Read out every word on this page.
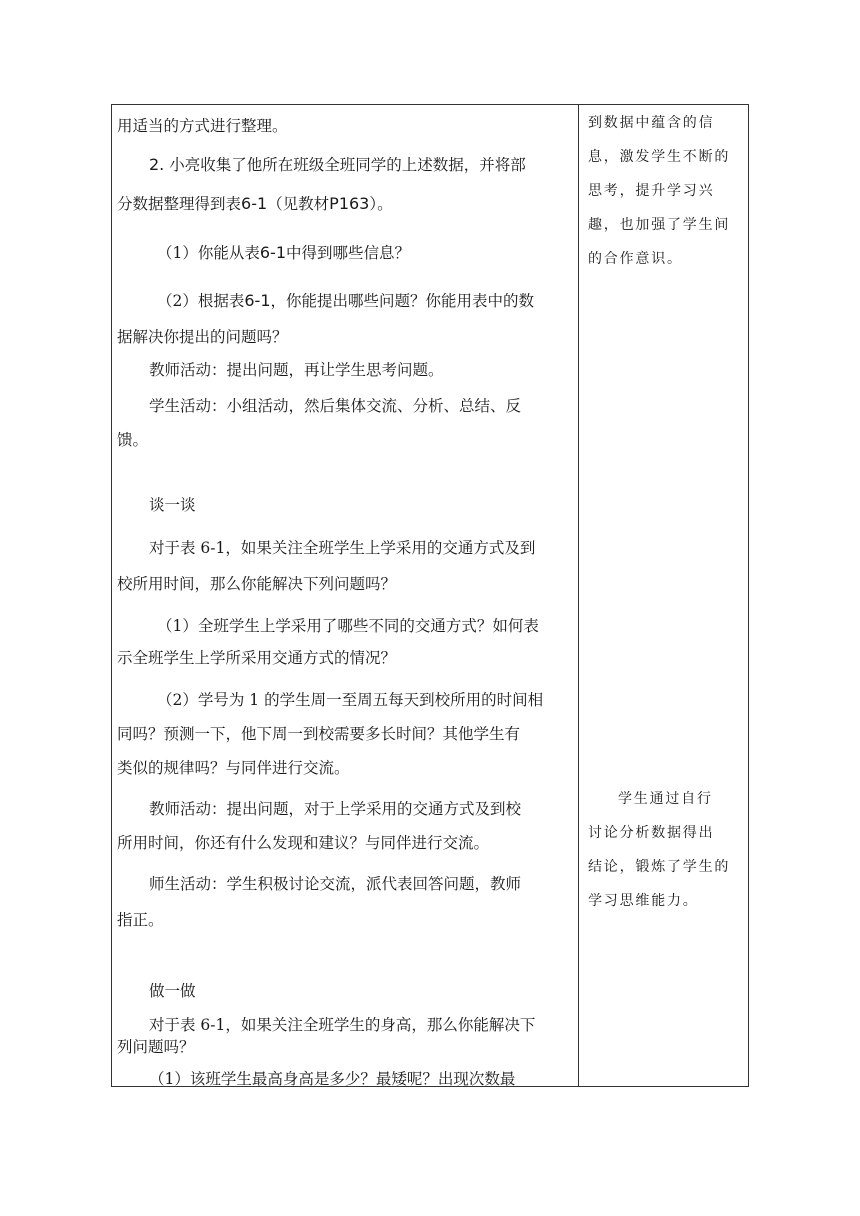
用适当的方式进行整理。
2. 小亮收集了他所在班级全班同学的上述数据，并将部
分数据整理得到表6-1（见教材P163）。
（1）你能从表6-1中得到哪些信息？
（2）根据表6-1，你能提出哪些问题？你能用表中的数
据解决你提出的问题吗？
教师活动：提出问题，再让学生思考问题。
学生活动：小组活动，然后集体交流、分析、总结、反
馈。
谈一谈
对于表 6-1，如果关注全班学生上学采用的交通方式及到
校所用时间，那么你能解决下列问题吗？
（1）全班学生上学采用了哪些不同的交通方式？如何表
示全班学生上学所采用交通方式的情况？
（2）学号为 1 的学生周一至周五每天到校所用的时间相
同吗？预测一下，他下周一到校需要多长时间？其他学生有
类似的规律吗？与同伴进行交流。
教师活动：提出问题，对于上学采用的交通方式及到校
所用时间，你还有什么发现和建议？与同伴进行交流。
师生活动：学生积极讨论交流，派代表回答问题，教师
指正。
做一做
对于表 6-1，如果关注全班学生的身高，那么你能解决下
列问题吗？
（1）该班学生最高身高是多少？最矮呢？出现次数最
到数据中蕴含的信
息，激发学生不断的
思考，提升学习兴
趣，也加强了学生间
的合作意识。
学生通过自行
讨论分析数据得出
结论，锻炼了学生的
学习思维能力。
